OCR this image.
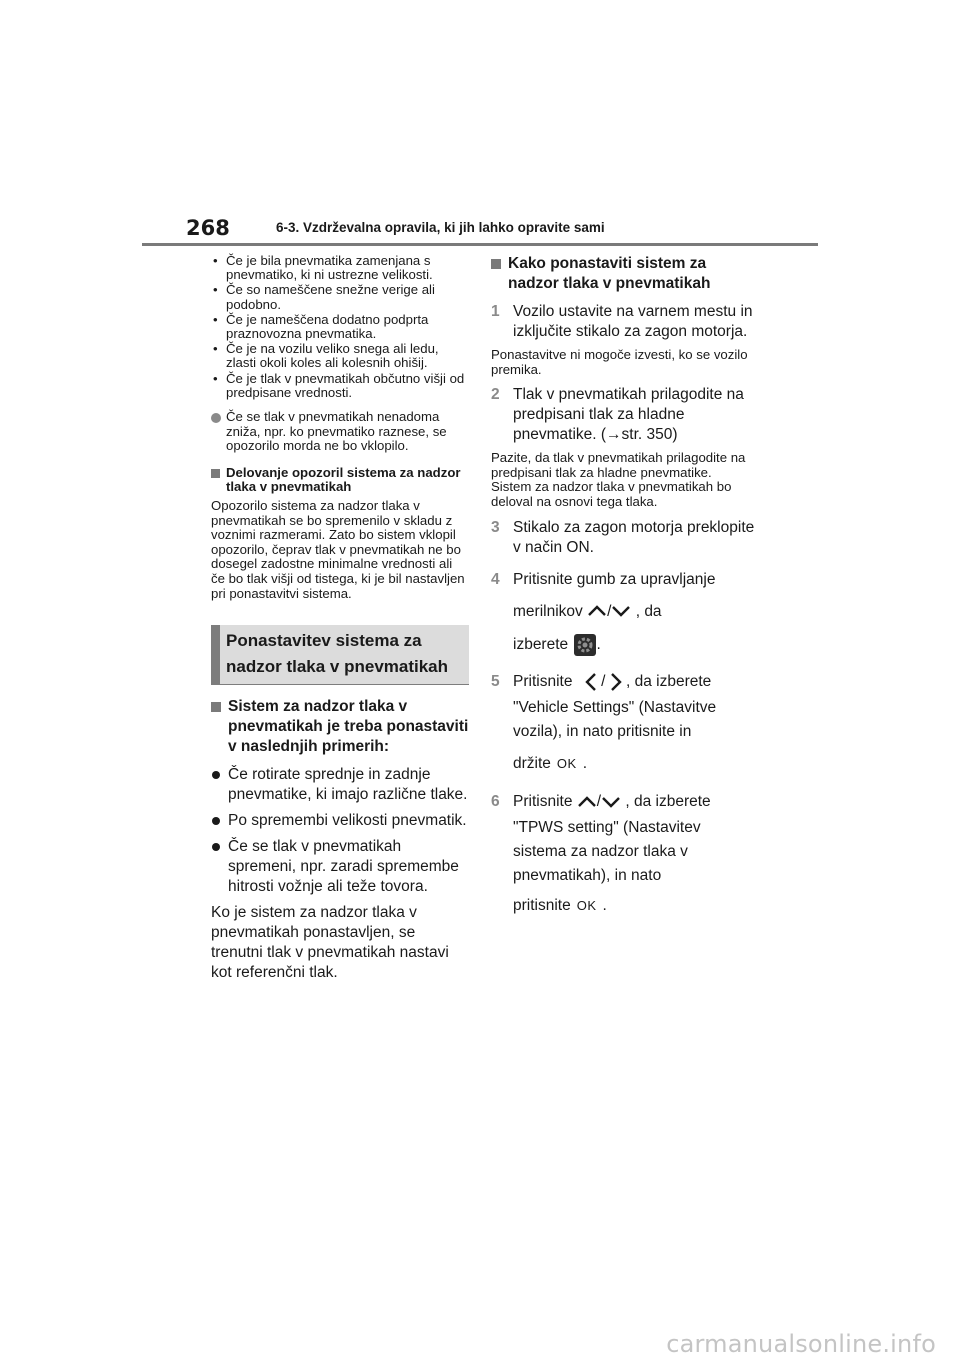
268	6-3. Vzdrževalna opravila, ki jih lahko opravite sami
• Če je bila pnevmatika zamenjana s pnevmatiko, ki ni ustrezne velikosti.
• Če so nameščene snežne verige ali podobno.
• Če je nameščena dodatno podprta praznovozna pnevmatika.
• Če je na vozilu veliko snega ali ledu, zlasti okoli koles ali kolesnih ohišij.
• Če je tlak v pnevmatikah občutno višji od predpisane vrednosti.
Če se tlak v pnevmatikah nenadoma zniža, npr. ko pnevmatiko raznese, se opozorilo morda ne bo vklopilo.
Delovanje opozoril sistema za nadzor tlaka v pnevmatikah
Opozorilo sistema za nadzor tlaka v pnevmatikah se bo spremenilo v skladu z voznimi razmerami. Zato bo sistem vklopil opozorilo, čeprav tlak v pnevmatikah ne bo dosegel zadostne minimalne vrednosti ali če bo tlak višji od tistega, ki je bil nastavljen pri ponastavitvi sistema.
Ponastavitev sistema za nadzor tlaka v pnevmatikah
Sistem za nadzor tlaka v pnevmatikah je treba ponastaviti v naslednjih primerih:
Če rotirate sprednje in zadnje pnevmatike, ki imajo različne tlake.
Po spremembi velikosti pnevmatik.
Če se tlak v pnevmatikah spremeni, npr. zaradi spremembe hitrosti vožnje ali teže tovora.
Ko je sistem za nadzor tlaka v pnevmatikah ponastavljen, se trenutni tlak v pnevmatikah nastavi kot referenčni tlak.
Kako ponastaviti sistem za nadzor tlaka v pnevmatikah
1 Vozilo ustavite na varnem mestu in izključite stikalo za zagon motorja.
Ponastavitve ni mogoče izvesti, ko se vozilo premika.
2 Tlak v pnevmatikah prilagodite na predpisani tlak za hladne pnevmatike. (→str. 350)
Pazite, da tlak v pnevmatikah prilagodite na predpisani tlak za hladne pnevmatike. Sistem za nadzor tlaka v pnevmatikah bo deloval na osnovi tega tlaka.
3 Stikalo za zagon motorja preklopite v način ON.
4 Pritisnite gumb za upravljanje
merilnikov / , da
izberete .
5 Pritisnite / , da izberete
"Vehicle Settings" (Nastavitve
vozila), in nato pritisnite in
držite OK .
6 Pritisnite / , da izberete
"TPWS setting" (Nastavitev
sistema za nadzor tlaka v
pnevmatikah), in nato
pritisnite OK .
carmanualsonline.info
